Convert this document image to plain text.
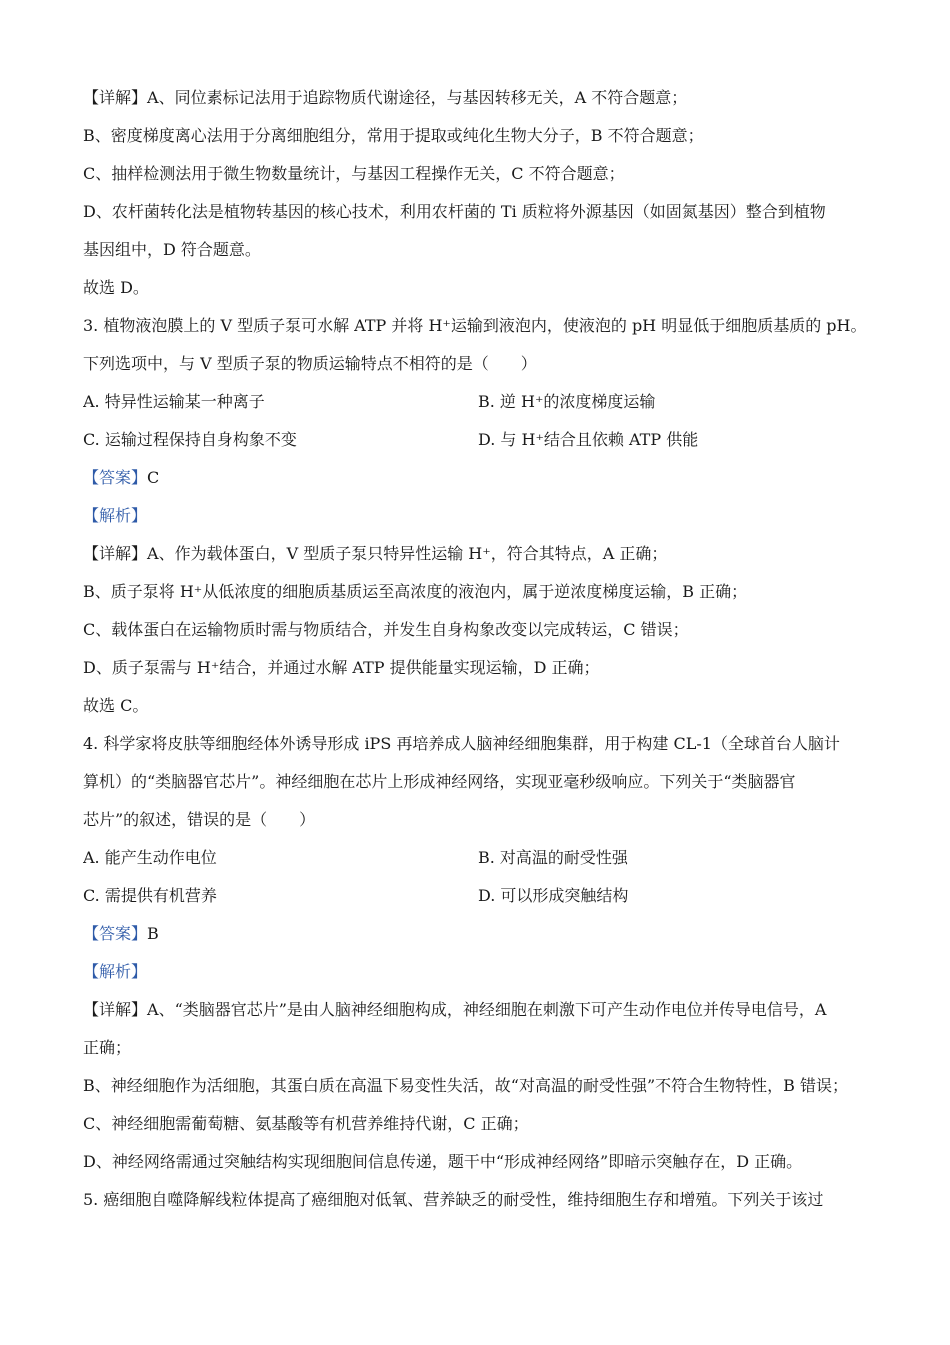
【详解】A、同位素标记法用于追踪物质代谢途径，与基因转移无关，A 不符合题意；
B、密度梯度离心法用于分离细胞组分，常用于提取或纯化生物大分子，B 不符合题意；
C、抽样检测法用于微生物数量统计，与基因工程操作无关，C 不符合题意；
D、农杆菌转化法是植物转基因的核心技术，利用农杆菌的 Ti 质粒将外源基因（如固氮基因）整合到植物
基因组中，D 符合题意。
故选 D。
3. 植物液泡膜上的 V 型质子泵可水解 ATP 并将 H⁺运输到液泡内，使液泡的 pH 明显低于细胞质基质的 pH。
下列选项中，与 V 型质子泵的物质运输特点不相符的是（　　）
A. 特异性运输某一种离子	B. 逆 H⁺的浓度梯度运输
C. 运输过程保持自身构象不变	D. 与 H⁺结合且依赖 ATP 供能
【答案】C
【解析】
【详解】A、作为载体蛋白，V 型质子泵只特异性运输 H⁺，符合其特点，A 正确；
B、质子泵将 H⁺从低浓度的细胞质基质运至高浓度的液泡内，属于逆浓度梯度运输，B 正确；
C、载体蛋白在运输物质时需与物质结合，并发生自身构象改变以完成转运，C 错误；
D、质子泵需与 H⁺结合，并通过水解 ATP 提供能量实现运输，D 正确；
故选 C。
4. 科学家将皮肤等细胞经体外诱导形成 iPS 再培养成人脑神经细胞集群，用于构建 CL-1（全球首台人脑计
算机）的“类脑器官芯片”。神经细胞在芯片上形成神经网络，实现亚毫秒级响应。下列关于“类脑器官
芯片”的叙述，错误的是（　　）
A. 能产生动作电位	B. 对高温的耐受性强
C. 需提供有机营养	D. 可以形成突触结构
【答案】B
【解析】
【详解】A、“类脑器官芯片”是由人脑神经细胞构成，神经细胞在刺激下可产生动作电位并传导电信号，A
正确；
B、神经细胞作为活细胞，其蛋白质在高温下易变性失活，故“对高温的耐受性强”不符合生物特性，B 错误；
C、神经细胞需葡萄糖、氨基酸等有机营养维持代谢，C 正确；
D、神经网络需通过突触结构实现细胞间信息传递，题干中“形成神经网络”即暗示突触存在，D 正确。
5. 癌细胞自噬降解线粒体提高了癌细胞对低氧、营养缺乏的耐受性，维持细胞生存和增殖。下列关于该过
